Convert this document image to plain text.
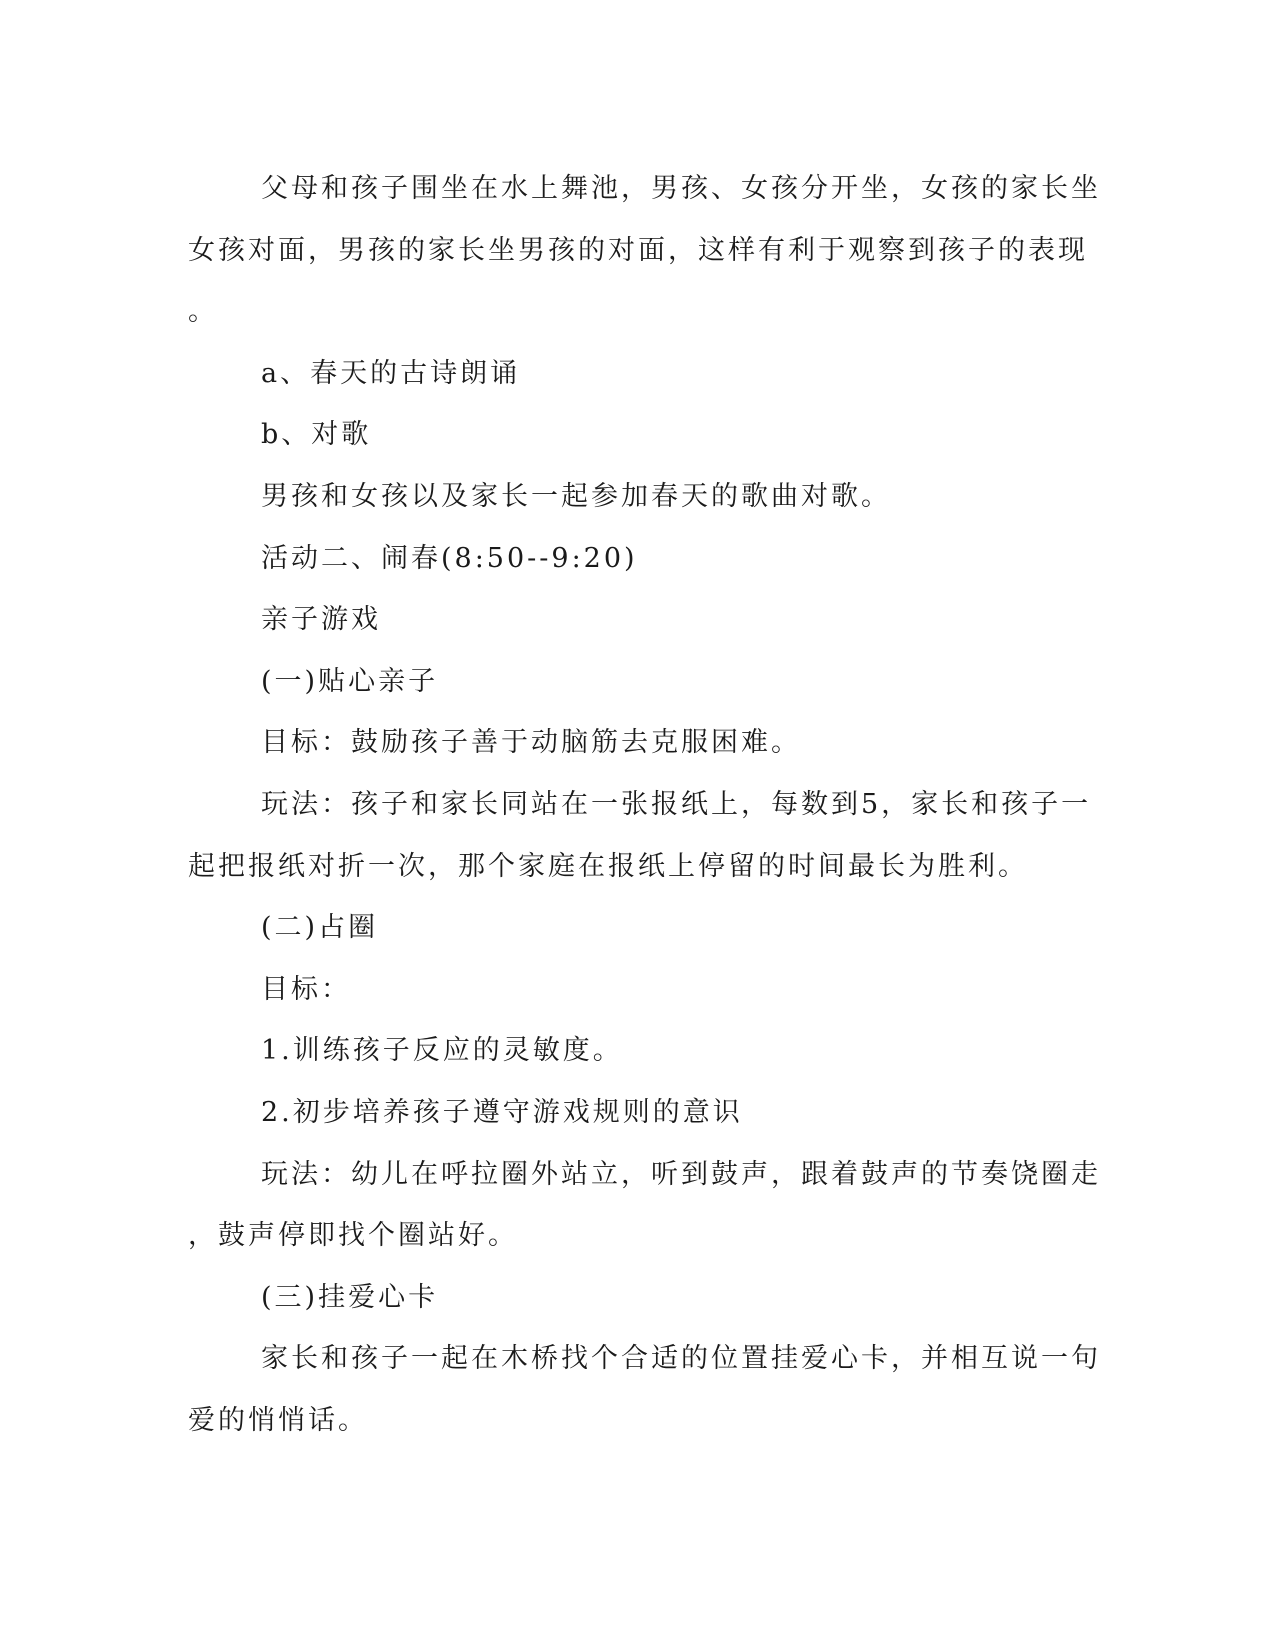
父母和孩子围坐在水上舞池，男孩、女孩分开坐，女孩的家长坐
女孩对面，男孩的家长坐男孩的对面，这样有利于观察到孩子的表现
。
a、春天的古诗朗诵
b、对歌
男孩和女孩以及家长一起参加春天的歌曲对歌。
活动二、闹春(8:50--9:20)
亲子游戏
(一)贴心亲子
目标：鼓励孩子善于动脑筋去克服困难。
玩法：孩子和家长同站在一张报纸上，每数到5，家长和孩子一
起把报纸对折一次，那个家庭在报纸上停留的时间最长为胜利。
(二)占圈
目标：
1.训练孩子反应的灵敏度。
2.初步培养孩子遵守游戏规则的意识
玩法：幼儿在呼拉圈外站立，听到鼓声，跟着鼓声的节奏饶圈走
，鼓声停即找个圈站好。
(三)挂爱心卡
家长和孩子一起在木桥找个合适的位置挂爱心卡，并相互说一句
爱的悄悄话。
